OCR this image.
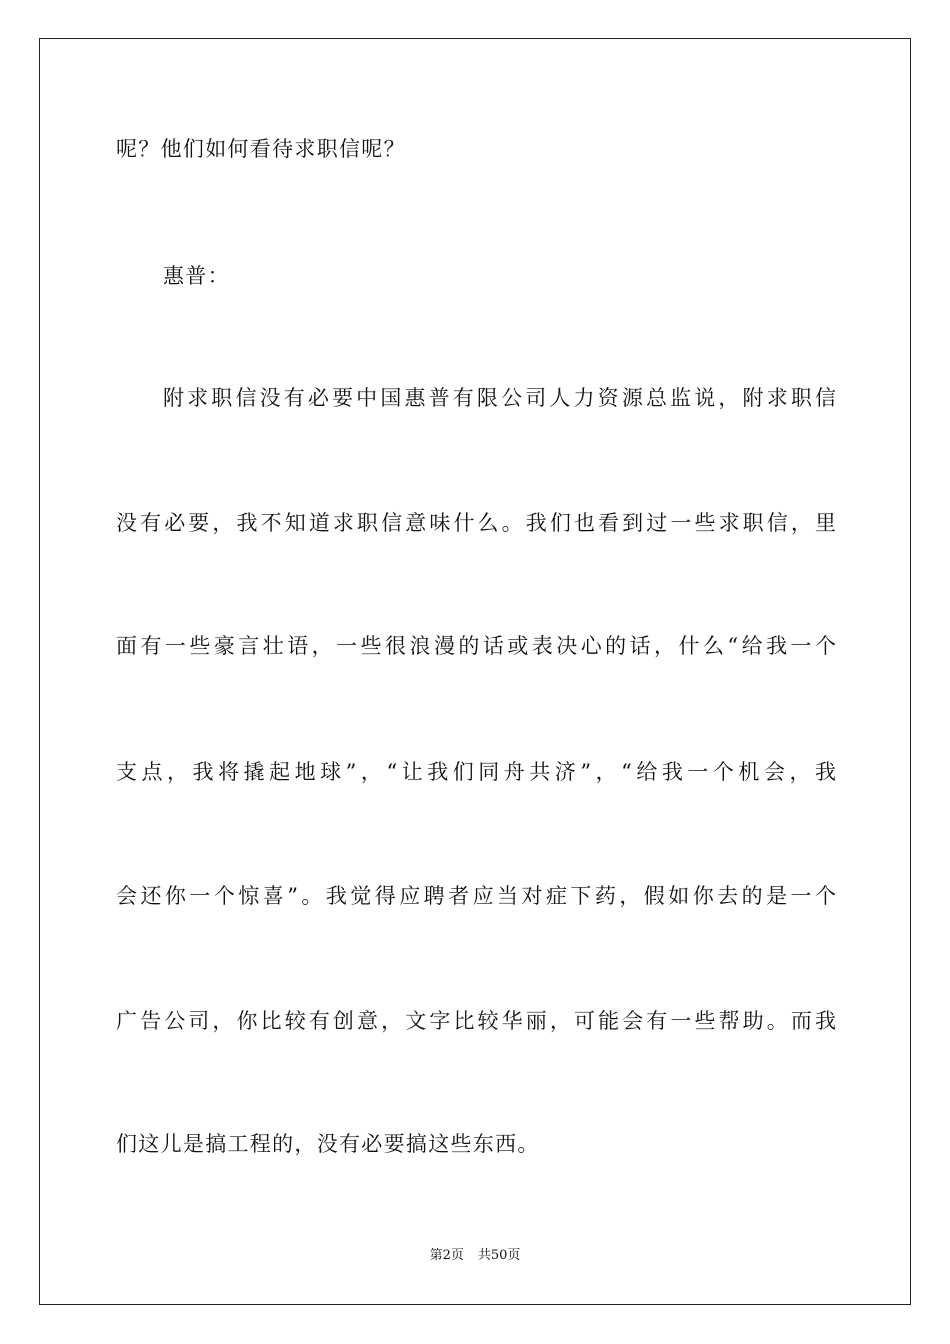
呢？他们如何看待求职信呢？
惠普：
附求职信没有必要中国惠普有限公司人力资源总监说，附求职信
没有必要，我不知道求职信意味什么。我们也看到过一些求职信，里
面有一些豪言壮语，一些很浪漫的话或表决心的话，什么“给我一个
支点，我将撬起地球”，“让我们同舟共济”，“给我一个机会，我
会还你一个惊喜”。我觉得应聘者应当对症下药，假如你去的是一个
广告公司，你比较有创意，文字比较华丽，可能会有一些帮助。而我
们这儿是搞工程的，没有必要搞这些东西。
第2页 共50页
